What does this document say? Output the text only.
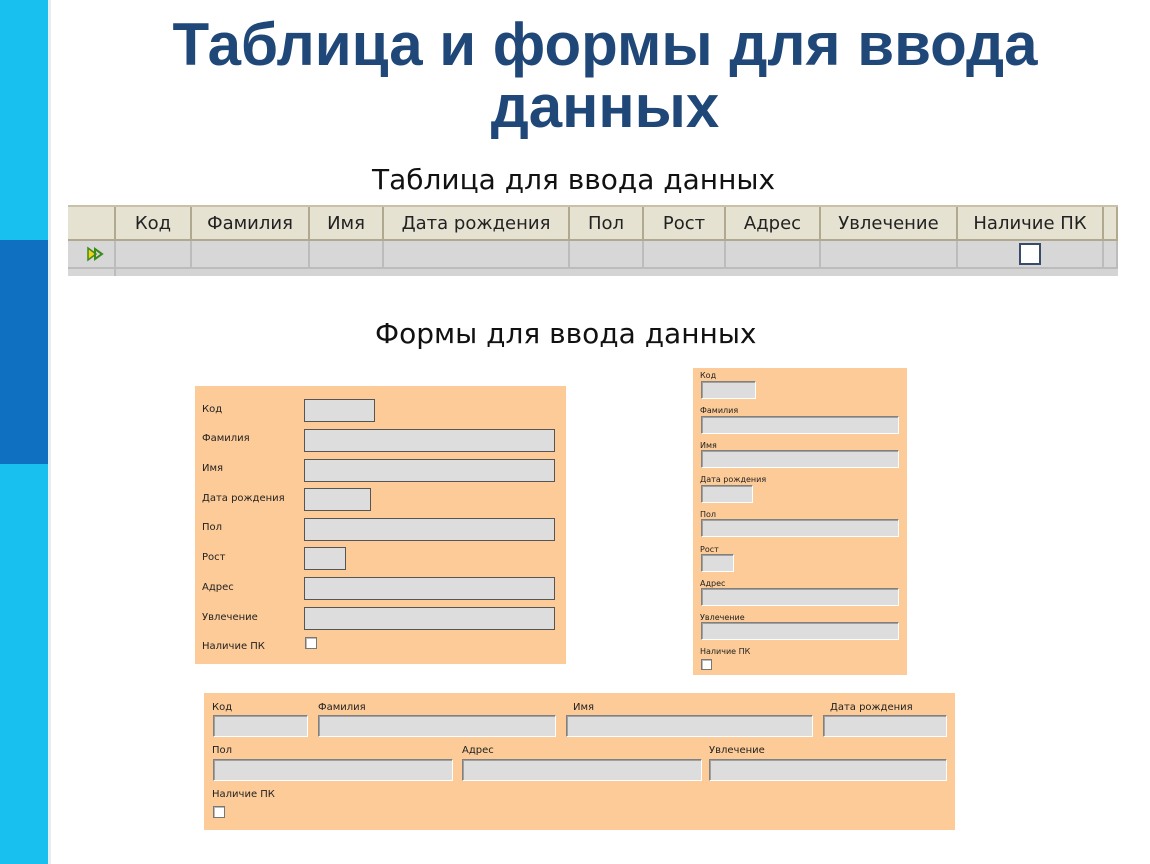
Таблица и формы для ввода данных
Таблица для ввода данных
Код	Фамилия	Имя	Дата рождения	Пол	Рост	Адрес	Увлечение	Наличие ПК
Формы для ввода данных
Код
Фамилия
Имя
Дата рождения
Пол
Рост
Адрес
Увлечение
Наличие ПК
Код
Фамилия
Имя
Дата рождения
Пол
Рост
Адрес
Увлечение
Наличие ПК
Код	Фамилия	Имя	Дата рождения
Пол	Адрес	Увлечение
Наличие ПК
